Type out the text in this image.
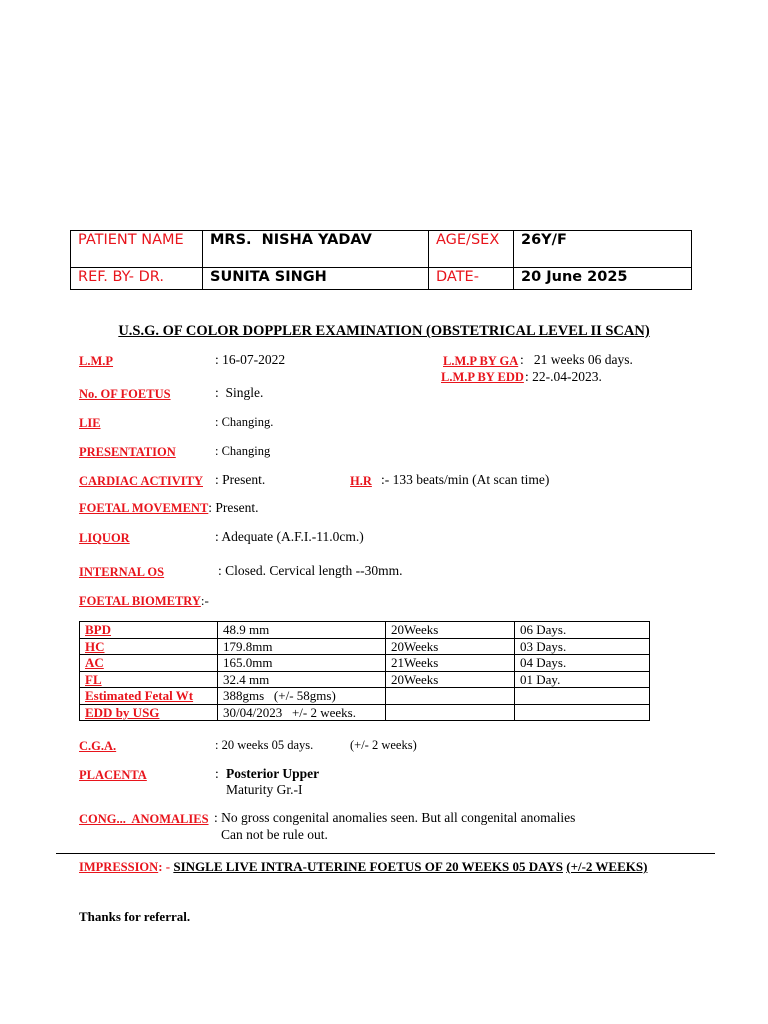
PATIENT NAME	MRS.  NISHA YADAV	AGE/SEX	26Y/F
REF. BY- DR.	SUNITA SINGH	DATE-	20 June 2025
U.S.G. OF COLOR DOPPLER EXAMINATION (OBSTETRICAL LEVEL II SCAN)
L.M.P	: 16-07-2022	L.M.P BY GA :   21 weeks 06 days.
L.M.P BY EDD : 22-.04-2023.
No. OF FOETUS	:  Single.
LIE	: Changing.
PRESENTATION	: Changing
CARDIAC ACTIVITY : Present.	H.R :- 133 beats/min (At scan time)
FOETAL MOVEMENT: Present.
LIQUOR	: Adequate (A.F.I.-11.0cm.)
INTERNAL OS	: Closed. Cervical length --30mm.
FOETAL BIOMETRY:-
BPD	48.9 mm	20Weeks	06 Days.
HC	179.8mm	20Weeks	03 Days.
AC	165.0mm	21Weeks	04 Days.
FL	32.4 mm	20Weeks	01 Day.
Estimated Fetal Wt	388gms   (+/- 58gms)		
EDD by USG	30/04/2023   +/- 2 weeks.		
C.G.A.	: 20 weeks 05 days.	(+/- 2 weeks)
PLACENTA	: Posterior Upper
Maturity Gr.-I
CONG...  ANOMALIES : No gross congenital anomalies seen. But all congenital anomalies
Can not be rule out.
IMPRESSION: - SINGLE LIVE INTRA-UTERINE FOETUS OF 20 WEEKS 05 DAYS (+/-2 WEEKS)
Thanks for referral.
